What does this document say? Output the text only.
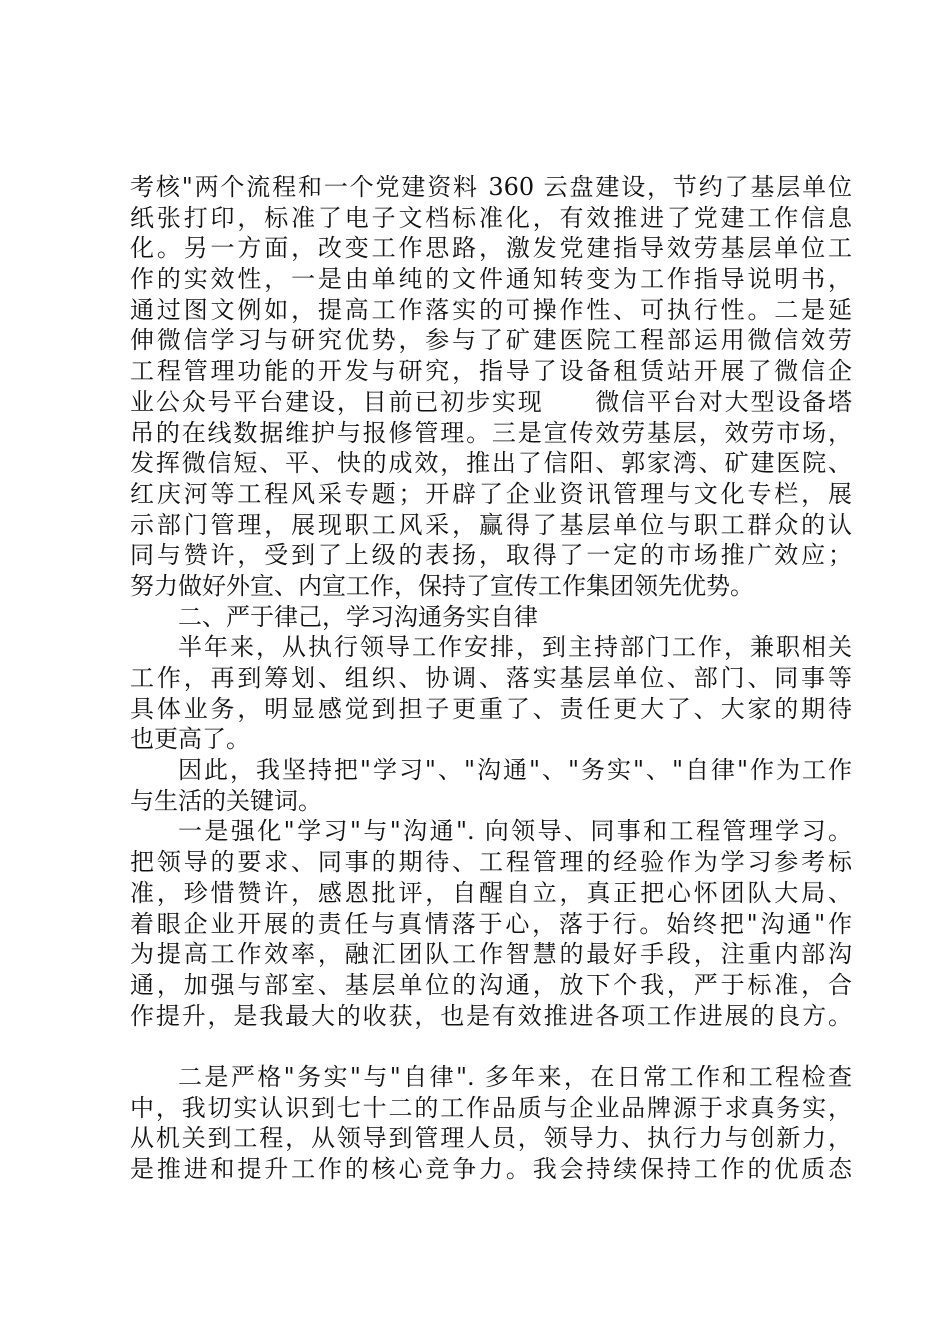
考核"两个流程和一个党建资料 360 云盘建设，节约了基层单位
纸张打印，标准了电子文档标准化，有效推进了党建工作信息
化。另一方面，改变工作思路，激发党建指导效劳基层单位工
作的实效性，一是由单纯的文件通知转变为工作指导说明书，
通过图文例如，提高工作落实的可操作性、可执行性。二是延
伸微信学习与研究优势，参与了矿建医院工程部运用微信效劳
工程管理功能的开发与研究，指导了设备租赁站开展了微信企
业公众号平台建设，目前已初步实现　　微信平台对大型设备塔
吊的在线数据维护与报修管理。三是宣传效劳基层，效劳市场，
发挥微信短、平、快的成效，推出了信阳、郭家湾、矿建医院、
红庆河等工程风采专题；开辟了企业资讯管理与文化专栏，展
示部门管理，展现职工风采，赢得了基层单位与职工群众的认
同与赞许，受到了上级的表扬，取得了一定的市场推广效应；
努力做好外宣、内宣工作，保持了宣传工作集团领先优势。
二、严于律己，学习沟通务实自律
半年来，从执行领导工作安排，到主持部门工作，兼职相关
工作，再到筹划、组织、协调、落实基层单位、部门、同事等
具体业务，明显感觉到担子更重了、责任更大了、大家的期待
也更高了。
因此，我坚持把"学习"、"沟通"、"务实"、"自律"作为工作
与生活的关键词。
一是强化"学习"与"沟通". 向领导、同事和工程管理学习。
把领导的要求、同事的期待、工程管理的经验作为学习参考标
准，珍惜赞许，感恩批评，自醒自立，真正把心怀团队大局、
着眼企业开展的责任与真情落于心，落于行。始终把"沟通"作
为提高工作效率，融汇团队工作智慧的最好手段，注重内部沟
通，加强与部室、基层单位的沟通，放下个我，严于标准，合
作提升，是我最大的收获，也是有效推进各项工作进展的良方。
二是严格"务实"与"自律". 多年来，在日常工作和工程检查
中，我切实认识到七十二的工作品质与企业品牌源于求真务实，
从机关到工程，从领导到管理人员，领导力、执行力与创新力，
是推进和提升工作的核心竞争力。我会持续保持工作的优质态
